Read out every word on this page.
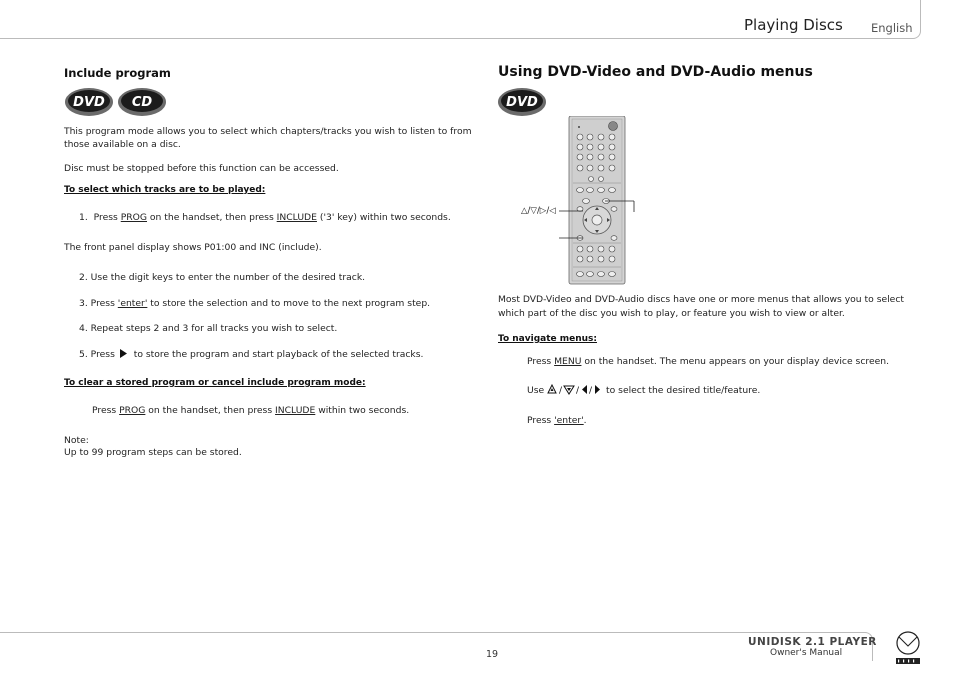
Playing Discs English
Include program
DVD CD
This program mode allows you to select which chapters/tracks you wish to listen to from
those available on a disc.
Disc must be stopped before this function can be accessed.
To select which tracks are to be played:
1. Press PROG on the handset, then press INCLUDE ('3' key) within two seconds.
The front panel display shows P01:00 and INC (include).
2. Use the digit keys to enter the number of the desired track.
3. Press 'enter' to store the selection and to move to the next program step.
4. Repeat steps 2 and 3 for all tracks you wish to select.
5. Press  to store the program and start playback of the selected tracks.
To clear a stored program or cancel include program mode:
Press PROG on the handset, then press INCLUDE within two seconds.
Note:
Up to 99 program steps can be stored.
Using DVD-Video and DVD-Audio menus
DVD
△/▽/▷/◁
Most DVD-Video and DVD-Audio discs have one or more menus that allows you to select
which part of the disc you wish to play, or feature you wish to view or alter.
To navigate menus:
Press MENU on the handset. The menu appears on your display device screen.
Use / / / to select the desired title/feature.
Press 'enter'.
19
UNIDISK 2.1 PLAYER
Owner's Manual
